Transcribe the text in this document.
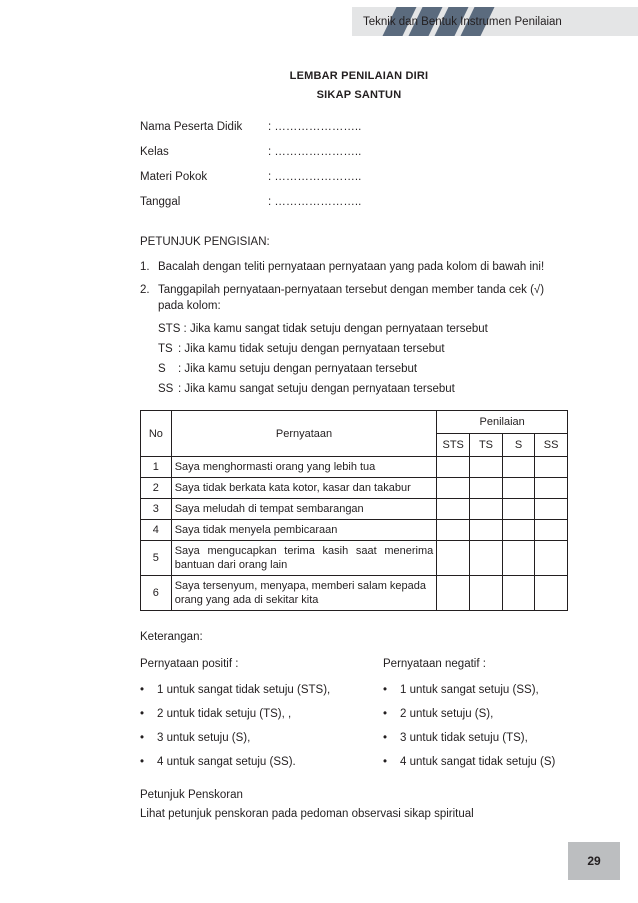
Teknik dan Bentuk Instrumen Penilaian
LEMBAR PENILAIAN DIRI
SIKAP SANTUN
Nama Peserta Didik	: …………………..
Kelas	: …………………..
Materi Pokok	: …………………..
Tanggal	: …………………..
PETUNJUK PENGISIAN:
1. Bacalah dengan teliti pernyataan pernyataan yang pada kolom di bawah ini!
2. Tanggapilah pernyataan-pernyataan tersebut dengan member tanda cek (√) pada kolom:
STS : Jika kamu sangat tidak setuju dengan pernyataan tersebut
TS : Jika kamu tidak setuju dengan pernyataan tersebut
S	: Jika kamu setuju dengan pernyataan tersebut
SS : Jika kamu sangat setuju dengan pernyataan tersebut
No	Pernyataan	Penilaian			
		STS	TS	S	SS
1	Saya menghormasti orang yang lebih tua				
2	Saya tidak berkata kata kotor, kasar dan takabur				
3	Saya meludah di tempat sembarangan				
4	Saya tidak menyela pembicaraan				
5	Saya mengucapkan terima kasih saat menerima bantuan dari orang lain				
6	Saya tersenyum, menyapa, memberi salam kepada orang yang ada di sekitar kita				
Keterangan:
Pernyataan positif :
•	1 untuk sangat tidak setuju (STS),
•	2 untuk tidak setuju (TS), ,
•	3 untuk setuju (S),
•	4 untuk sangat setuju (SS).
Pernyataan negatif :
•	1 untuk sangat setuju (SS),
•	2 untuk setuju (S),
•	3 untuk tidak setuju (TS),
•	4 untuk sangat tidak setuju (S)
Petunjuk Penskoran
Lihat petunjuk penskoran pada pedoman observasi sikap spiritual
29
